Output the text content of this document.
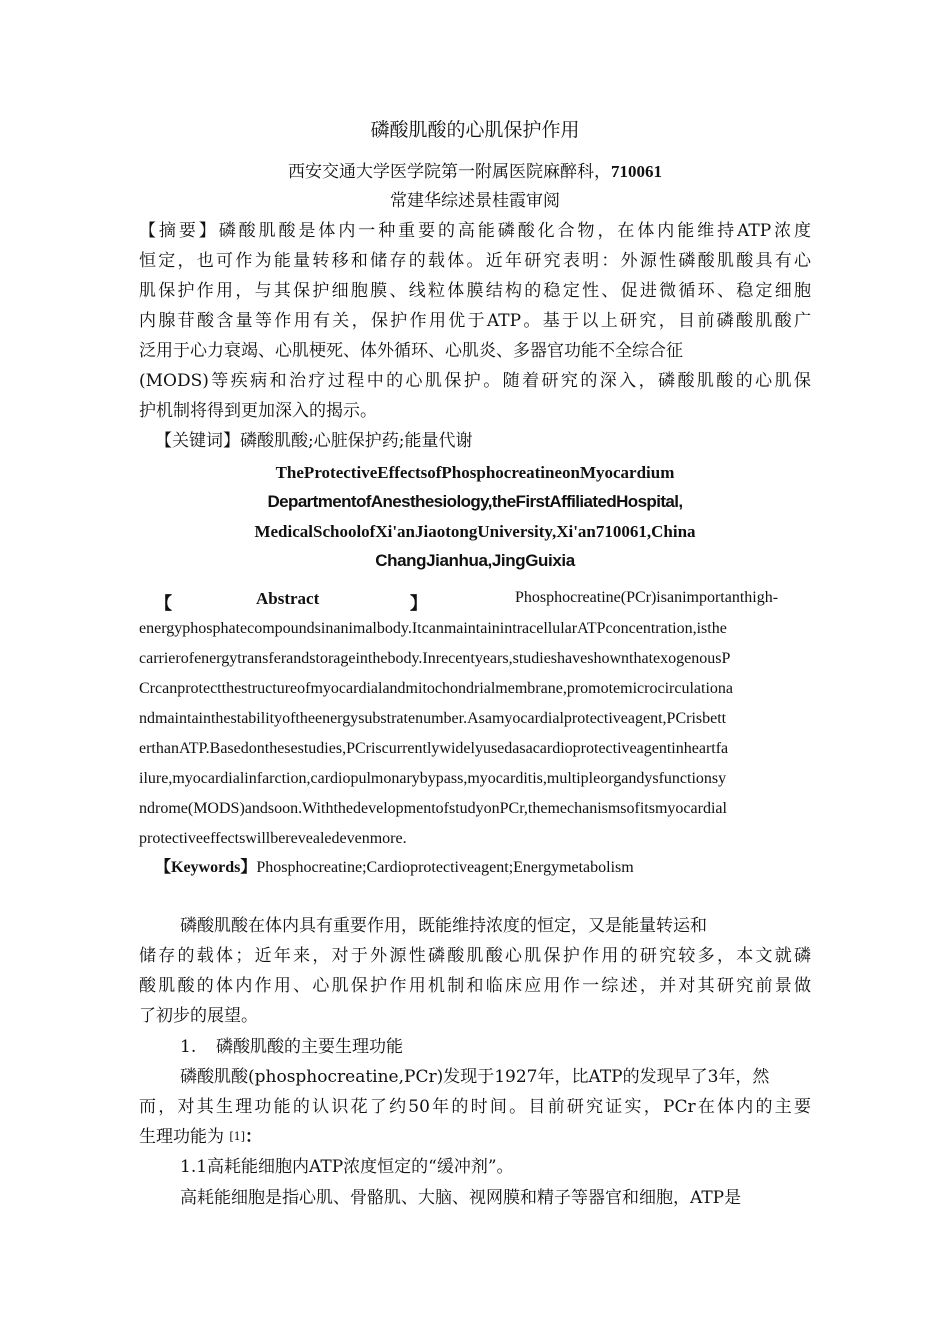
磷酸肌酸的心肌保护作用
西安交通大学医学院第一附属医院麻醉科，710061
常建华综述景桂霞审阅
【摘要】磷酸肌酸是体内一种重要的高能磷酸化合物，在体内能维持ATP浓度
恒定，也可作为能量转移和储存的载体。近年研究表明：外源性磷酸肌酸具有心
肌保护作用，与其保护细胞膜、线粒体膜结构的稳定性、促进微循环、稳定细胞
内腺苷酸含量等作用有关，保护作用优于ATP。基于以上研究，目前磷酸肌酸广
泛用于心力衰竭、心肌梗死、体外循环、心肌炎、多器官功能不全综合征
(MODS)等疾病和治疗过程中的心肌保护。随着研究的深入，磷酸肌酸的心肌保
护机制将得到更加深入的揭示。
【关键词】磷酸肌酸;心脏保护药;能量代谢
TheProtectiveEffectsofPhosphocreatineonMyocardium
DepartmentofAnesthesiology,theFirstAffiliatedHospital,
MedicalSchoolofXi'anJiaotongUniversity,Xi'an710061,China
ChangJianhua,JingGuixia
【	Abstract	】	Phosphocreatine(PCr)isanimportanthigh-
energyphosphatecompoundsinanimalbody.ItcanmaintainintracellularATPconcentration,isthe
carrierofenergytransferandstorageinthebody.Inrecentyears,studieshaveshownthatexogenousP
Crcanprotectthestructureofmyocardialandmitochondrialmembrane,promotemicrocirculationa
ndmaintainthestabilityoftheenergysubstratenumber.Asamyocardialprotectiveagent,PCrisbett
erthanATP.Basedonthesestudies,PCriscurrentlywidelyusedasacardioprotectiveagentinheartfa
ilure,myocardialinfarction,cardiopulmonarybypass,myocarditis,multipleorgandysfunctionsy
ndrome(MODS)andsoon.WiththedevelopmentofstudyonPCr,themechanismsofitsmyocardial
protectiveeffectswillberevealedevenmore.
【Keywords】Phosphocreatine;Cardioprotectiveagent;Energymetabolism
磷酸肌酸在体内具有重要作用，既能维持浓度的恒定，又是能量转运和
储存的载体；近年来，对于外源性磷酸肌酸心肌保护作用的研究较多，本文就磷
酸肌酸的体内作用、心肌保护作用机制和临床应用作一综述，并对其研究前景做
了初步的展望。
1. 磷酸肌酸的主要生理功能
磷酸肌酸(phosphocreatine,PCr)发现于1927年，比ATP的发现早了3年，然
而，对其生理功能的认识花了约50年的时间。目前研究证实，PCr在体内的主要
生理功能为 [1]：
1.1高耗能细胞内ATP浓度恒定的“缓冲剂”。
高耗能细胞是指心肌、骨骼肌、大脑、视网膜和精子等器官和细胞，ATP是
